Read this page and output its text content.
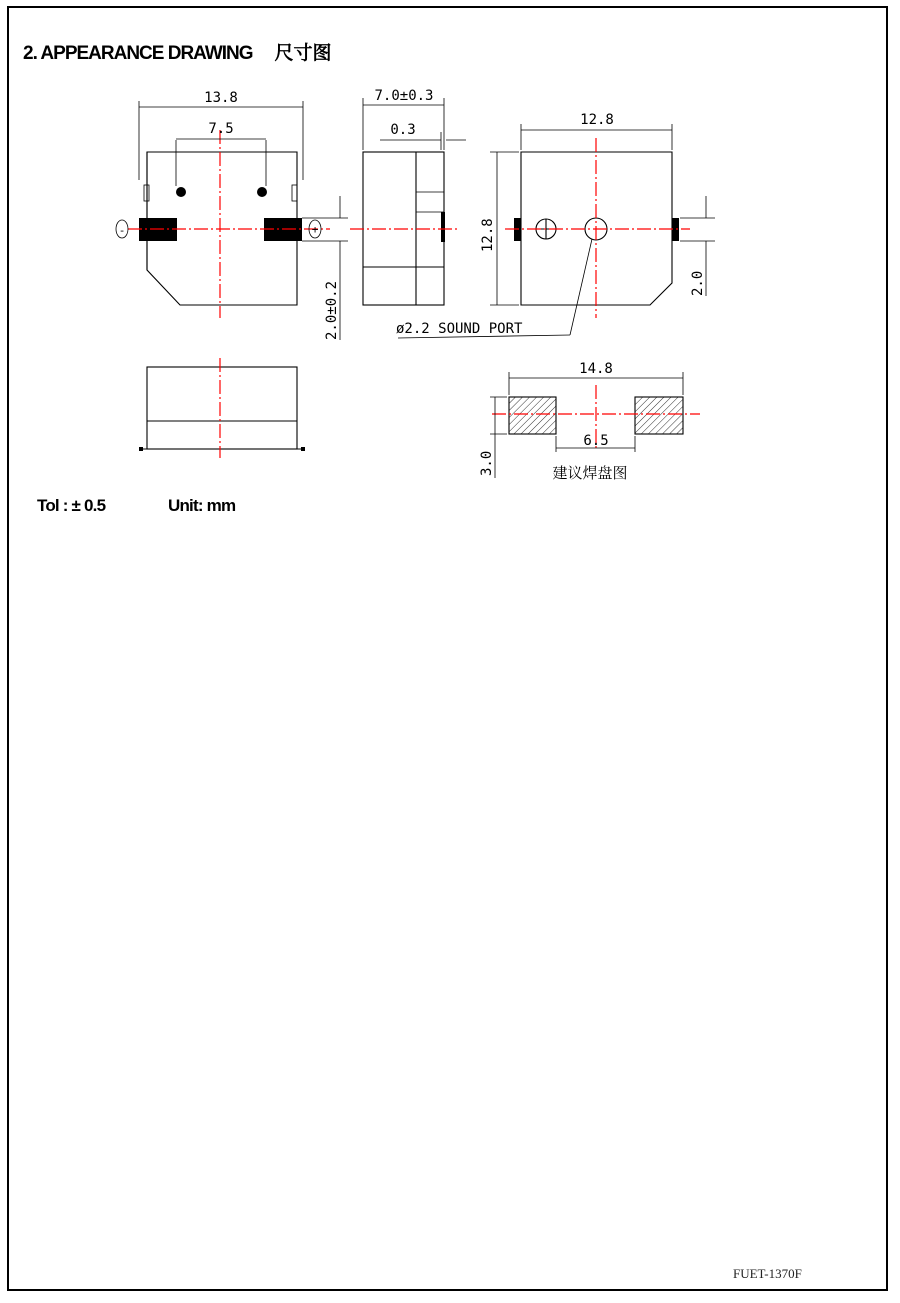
2. APPEARANCE DRAWING 尺寸图
13.8
7.5
-	+
2.0±0.2
7.0±0.3
0.3
12.8
12.8
2.0
ø2.2 SOUND PORT
14.8
6.5
3.0	建议焊盘图
Tol : ± 0.5	Unit: mm
FUET-1370F
